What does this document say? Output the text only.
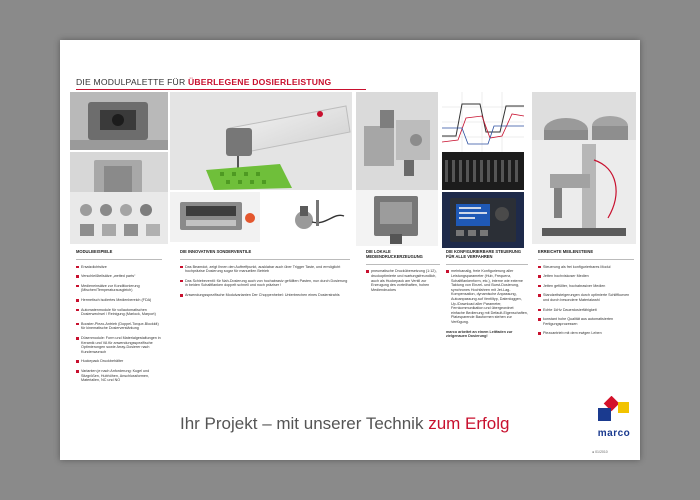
DIE MODULPALETTE FÜR ÜBERLEGENE DOSIERLEISTUNG
MODULBEISPIELE
Ersatzdichtsitze
Verschleißteilsätze „wetted parts“
Medieneinsätze zur Konditionierung (Mischen/Temperaturausgleich)
Hermetisch isoliertes Medienbereich (FDA)
Automatenmodule für vollautomatischen Dosierwechsel / Reinigung (Marlock, Marport)
Booster-Piezo-Antrieb (Doppel-Torque-Blockkit) für kinematische Dosierverstärkung
Düsenmodule: Form und Materialgestaltungen in Keramik und VA für anwendungsspezifische Optimierungen sowie Array-Dosierer nach Kundenwunsch
Huckepack Druckbehälter
Varianten je nach Anforderung: Kugel und Sitzgrößen, Hubhöhen, Anschlussformen, Materialien, NC und NO
DIE INNOVATIVEN SONDERVENTILE
Das Beamdot, zeigt Ihnen den Auftreffpunkt, ausklabar auch über Trigger Taste, und ermöglicht hochpräzise Dosierung sogar für manuellen Betrieb
Das Schiebeventil: für Nah-Dosierung auch von hochabrasiv gefüllten Pasten, nun durch Dosierung in beiden Schaltflanken doppelt schnell und noch präziser !
Anwendungsspezifische Modulvarianten Der Choppenhebel: Unterbrechen eines Dosierstrahls
DIE LOKALE MEDIENDRUCKERZEUGUNG
pneumatische Druckübersetzung (1:12), druckoptimierte und wartungsfreundlich, auch als Huckepack am Ventil zur Erzeugung des vorteilhaften, hohen Mediendruckes
DIE KONFIGURIERBARE STEUERUNG FÜR ALLE VERFAHREN
mehrkanalig, freie Konfigurierung aller Leistungsparameter (Hub, Frequenz, Schaltflankenform, etc.), interne wie externe Taktung von Einzel- und Burst-Dosierung, synchrones Hochfahren mit Jet-Lag-Kompensation, dynamische Anpassung, Autoanpassung auf Ventiltyp, Datenloggen, Up-/Download aller Parameter, Fernkommunikation und übergeordnet einfache Bedienung mit Default-Eigenschaften, Platzsparende Bauformen stehen zur Verfügung.
marco arbeitet an einem Leitfaden zur zielgenauen Dosierung!
ERREICHTE MEILENSTEINE
Steuerung als frei konfigurierbares Modul
Jetten hochviskoser Medien
Jetten gefüllter, hochabrasiver Medien
Standzeitsteigerungen durch optimierte Schliffkurven und durch besondere Materialwahl
Echte 1kHz Dauerdosierfähigkeit
konstant hohe Qualität aus automatisierten Fertigungsprozessen
Piezoantrieb mit dem ewigen Leben
Ihr Projekt – mit unserer Technik zum Erfolg
marco
● 01/2010
